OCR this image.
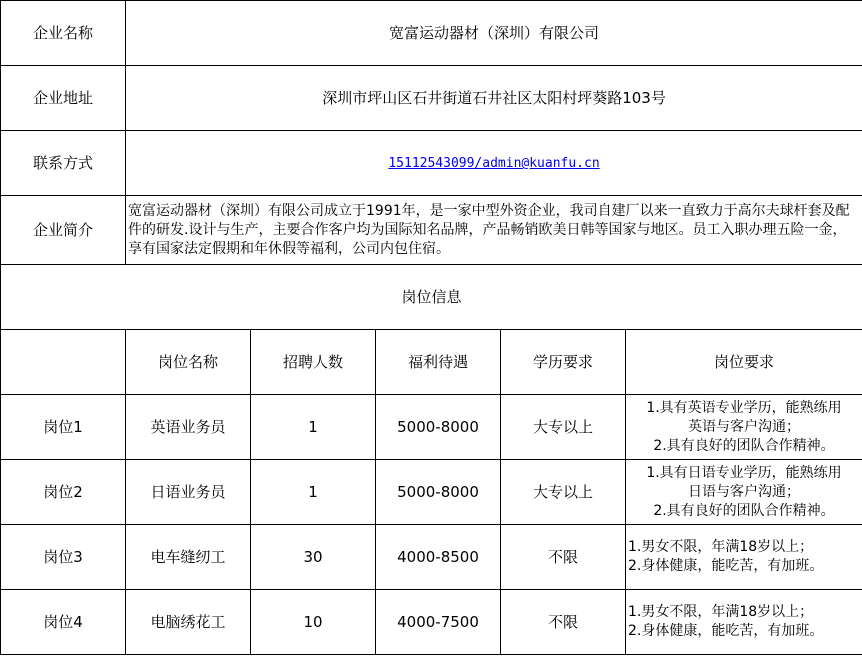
企业名称	宽富运动器材（深圳）有限公司				
企业地址	深圳市坪山区石井街道石井社区太阳村坪葵路103号				
联系方式	15112543099/admin@kuanfu.cn				
企业简介	宽富运动器材（深圳）有限公司成立于1991年，是一家中型外资企业，我司自建厂以来一直致力于高尔夫球杆套及配件的研发.设计与生产，主要合作客户均为国际知名品牌，产品畅销欧美日韩等国家与地区。员工入职办理五险一金，享有国家法定假期和年休假等福利，公司内包住宿。				
岗位信息					
	岗位名称	招聘人数	福利待遇	学历要求	岗位要求
岗位1	英语业务员	1	5000-8000	大专以上	1.具有英语专业学历，能熟练用
英语与客户沟通；
2.具有良好的团队合作精神。

岗位2	日语业务员	1	5000-8000	大专以上	1.具有日语专业学历，能熟练用
日语与客户沟通；
2.具有良好的团队合作精神。

岗位3	电车缝纫工	30	4000-8500	不限	1.男女不限，年满18岁以上；
2.身体健康，能吃苦，有加班。

岗位4	电脑绣花工	10	4000-7500	不限	1.男女不限，年满18岁以上；
2.身体健康，能吃苦，有加班。
